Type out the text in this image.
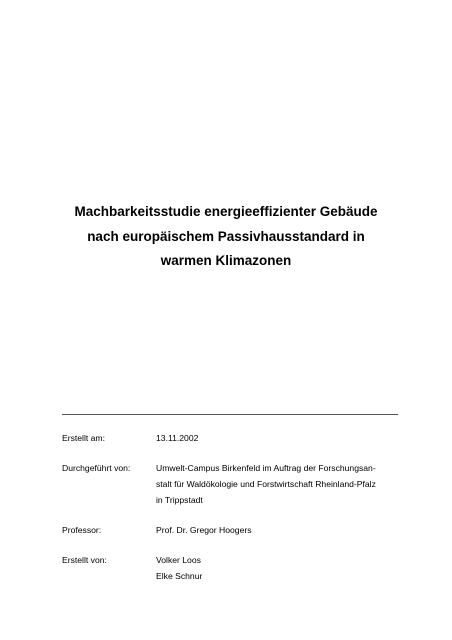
Machbarkeitsstudie energieeffizienter Gebäude
nach europäischem Passivhausstandard in
warmen Klimazonen
Erstellt am:	13.11.2002
Durchgeführt von:	Umwelt-Campus Birkenfeld im Auftrag der Forschungsan-
stalt für Waldökologie und Forstwirtschaft Rheinland-Pfalz
in Trippstadt
Professor:	Prof. Dr. Gregor Hoogers
Erstellt von:	Volker Loos
Elke Schnur
